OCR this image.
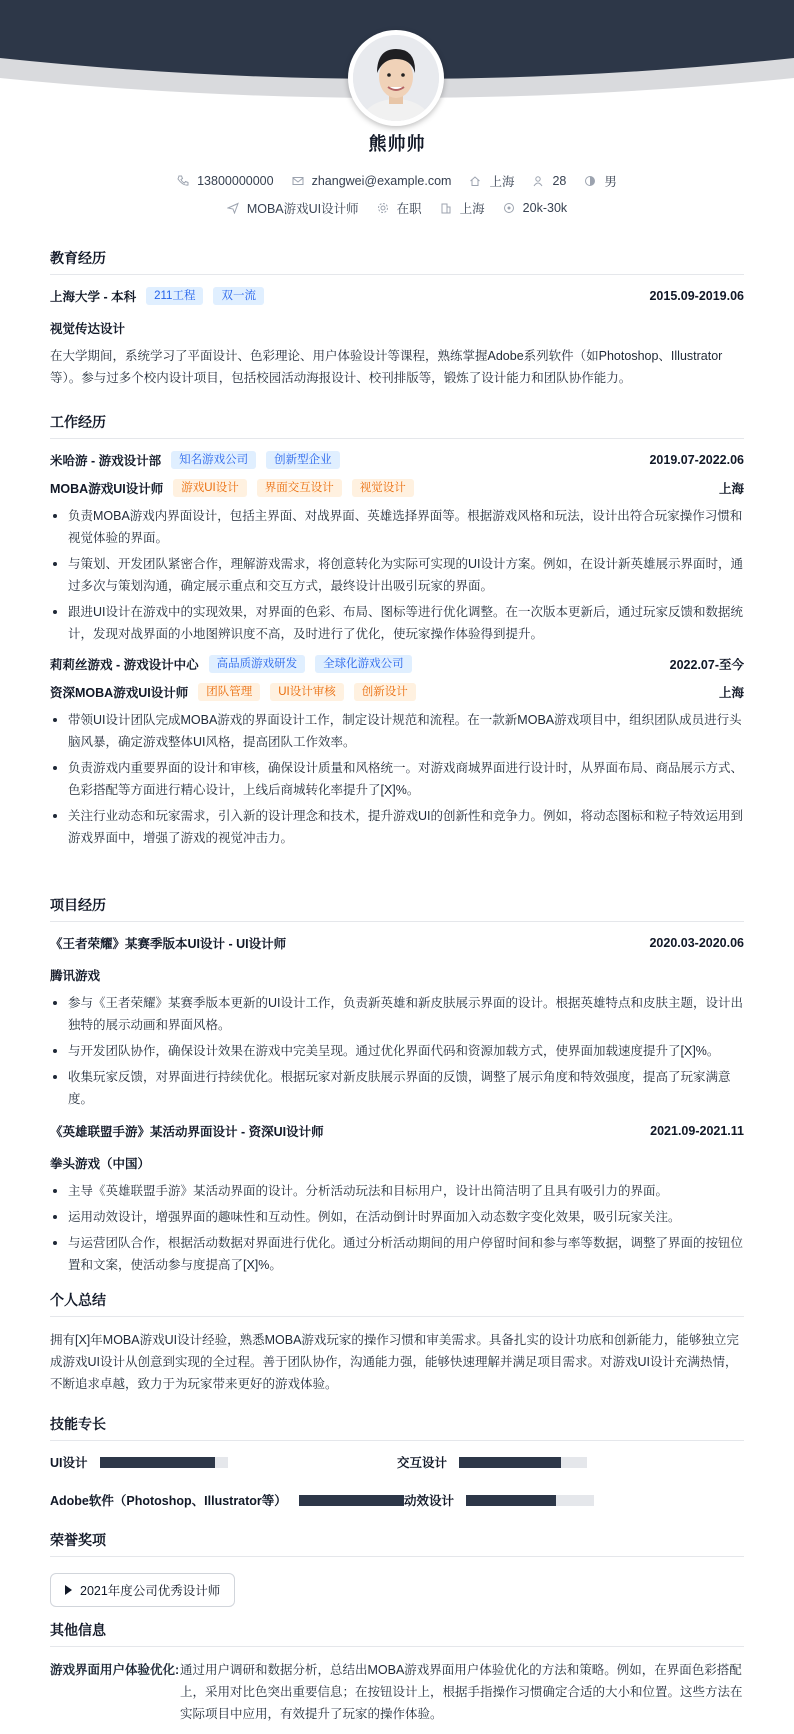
熊帅帅
13800000000	zhangwei@example.com	上海	28	男
MOBA游戏UI设计师	在职	上海	20k-30k
教育经历
上海大学 - 本科	211工程	双一流	2015.09-2019.06
视觉传达设计
在大学期间，系统学习了平面设计、色彩理论、用户体验设计等课程，熟练掌握Adobe系列软件（如Photoshop、Illustrator等）。参与过多个校内设计项目，包括校园活动海报设计、校刊排版等，锻炼了设计能力和团队协作能力。
工作经历
米哈游 - 游戏设计部	知名游戏公司	创新型企业	2019.07-2022.06
MOBA游戏UI设计师	游戏UI设计	界面交互设计	视觉设计	上海
负责MOBA游戏内界面设计，包括主界面、对战界面、英雄选择界面等。根据游戏风格和玩法，设计出符合玩家操作习惯和视觉体验的界面。
与策划、开发团队紧密合作，理解游戏需求，将创意转化为实际可实现的UI设计方案。例如，在设计新英雄展示界面时，通过多次与策划沟通，确定展示重点和交互方式，最终设计出吸引玩家的界面。
跟进UI设计在游戏中的实现效果，对界面的色彩、布局、图标等进行优化调整。在一次版本更新后，通过玩家反馈和数据统计，发现对战界面的小地图辨识度不高，及时进行了优化，使玩家操作体验得到提升。
莉莉丝游戏 - 游戏设计中心	高品质游戏研发	全球化游戏公司	2022.07-至今
资深MOBA游戏UI设计师	团队管理	UI设计审核	创新设计	上海
带领UI设计团队完成MOBA游戏的界面设计工作，制定设计规范和流程。在一款新MOBA游戏项目中，组织团队成员进行头脑风暴，确定游戏整体UI风格，提高团队工作效率。
负责游戏内重要界面的设计和审核，确保设计质量和风格统一。对游戏商城界面进行设计时，从界面布局、商品展示方式、色彩搭配等方面进行精心设计，上线后商城转化率提升了[X]%。
关注行业动态和玩家需求，引入新的设计理念和技术，提升游戏UI的创新性和竞争力。例如，将动态图标和粒子特效运用到游戏界面中，增强了游戏的视觉冲击力。
项目经历
《王者荣耀》某赛季版本UI设计 - UI设计师	2020.03-2020.06
腾讯游戏
参与《王者荣耀》某赛季版本更新的UI设计工作，负责新英雄和新皮肤展示界面的设计。根据英雄特点和皮肤主题，设计出独特的展示动画和界面风格。
与开发团队协作，确保设计效果在游戏中完美呈现。通过优化界面代码和资源加载方式，使界面加载速度提升了[X]%。
收集玩家反馈，对界面进行持续优化。根据玩家对新皮肤展示界面的反馈，调整了展示角度和特效强度，提高了玩家满意度。
《英雄联盟手游》某活动界面设计 - 资深UI设计师	2021.09-2021.11
拳头游戏（中国）
主导《英雄联盟手游》某活动界面的设计。分析活动玩法和目标用户，设计出简洁明了且具有吸引力的界面。
运用动效设计，增强界面的趣味性和互动性。例如，在活动倒计时界面加入动态数字变化效果，吸引玩家关注。
与运营团队合作，根据活动数据对界面进行优化。通过分析活动期间的用户停留时间和参与率等数据，调整了界面的按钮位置和文案，使活动参与度提高了[X]%。
个人总结
拥有[X]年MOBA游戏UI设计经验，熟悉MOBA游戏玩家的操作习惯和审美需求。具备扎实的设计功底和创新能力，能够独立完成游戏UI设计从创意到实现的全过程。善于团队协作，沟通能力强，能够快速理解并满足项目需求。对游戏UI设计充满热情，不断追求卓越，致力于为玩家带来更好的游戏体验。
技能专长
UI设计	交互设计
Adobe软件（Photoshop、Illustrator等）	动效设计
荣誉奖项
2021年度公司优秀设计师
其他信息
游戏界面用户体验优化: 通过用户调研和数据分析，总结出MOBA游戏界面用户体验优化的方法和策略。例如，在界面色彩搭配上，采用对比色突出重要信息；在按钮设计上，根据手指操作习惯确定合适的大小和位置。这些方法在实际项目中应用，有效提升了玩家的操作体验。
